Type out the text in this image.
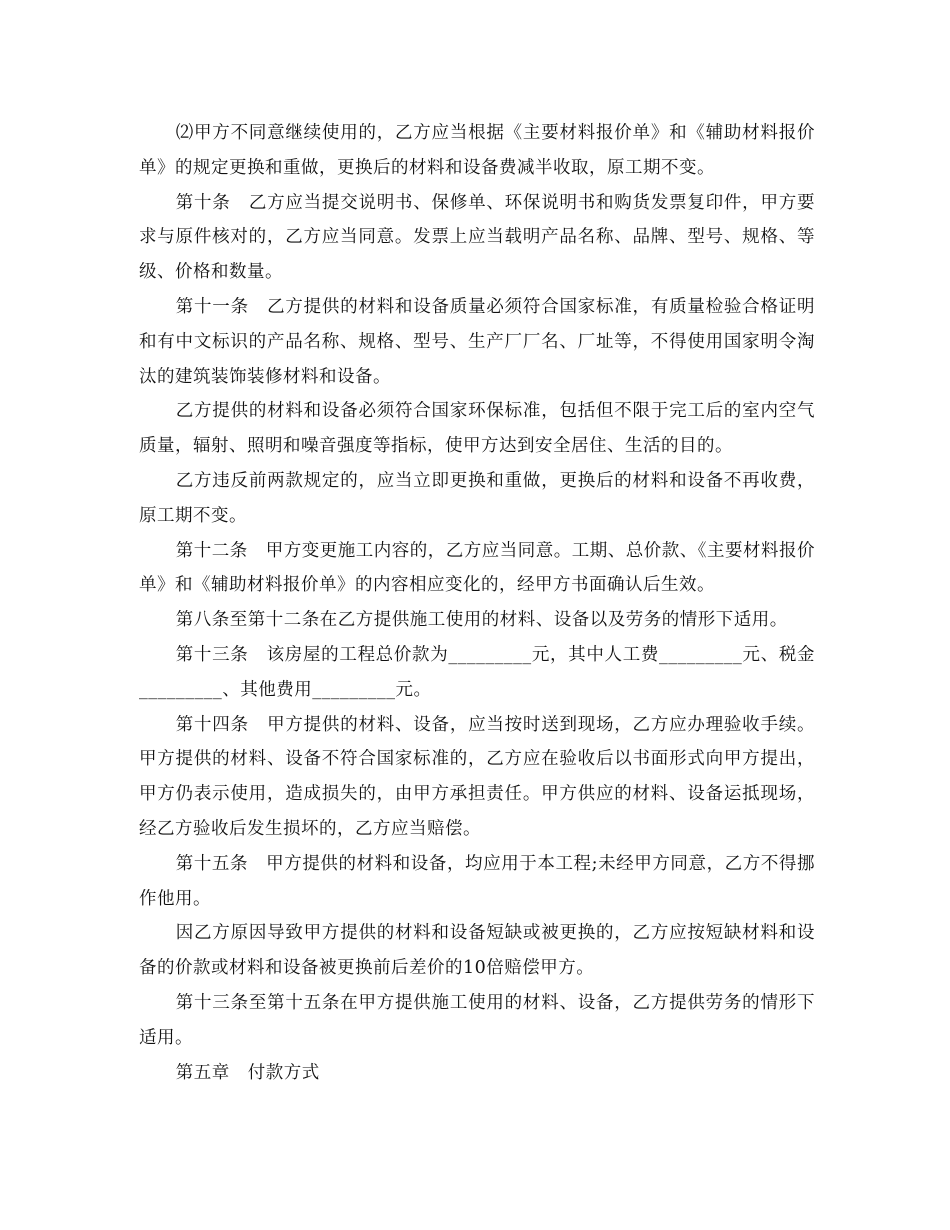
⑵甲方不同意继续使用的，乙方应当根据《主要材料报价单》和《辅助材料报价单》的规定更换和重做，更换后的材料和设备费减半收取，原工期不变。

第十条　乙方应当提交说明书、保修单、环保说明书和购货发票复印件，甲方要求与原件核对的，乙方应当同意。发票上应当载明产品名称、品牌、型号、规格、等级、价格和数量。

第十一条　乙方提供的材料和设备质量必须符合国家标准，有质量检验合格证明和有中文标识的产品名称、规格、型号、生产厂厂名、厂址等，不得使用国家明令淘汰的建筑装饰装修材料和设备。

乙方提供的材料和设备必须符合国家环保标准，包括但不限于完工后的室内空气质量，辐射、照明和噪音强度等指标，使甲方达到安全居住、生活的目的。

乙方违反前两款规定的，应当立即更换和重做，更换后的材料和设备不再收费，原工期不变。

第十二条　甲方变更施工内容的，乙方应当同意。工期、总价款、《主要材料报价单》和《辅助材料报价单》的内容相应变化的，经甲方书面确认后生效。

第八条至第十二条在乙方提供施工使用的材料、设备以及劳务的情形下适用。

第十三条　该房屋的工程总价款为_________元，其中人工费_________元、税金_________、其他费用_________元。

第十四条　甲方提供的材料、设备，应当按时送到现场，乙方应办理验收手续。甲方提供的材料、设备不符合国家标准的，乙方应在验收后以书面形式向甲方提出，甲方仍表示使用，造成损失的，由甲方承担责任。甲方供应的材料、设备运抵现场，经乙方验收后发生损坏的，乙方应当赔偿。

第十五条　甲方提供的材料和设备，均应用于本工程;未经甲方同意，乙方不得挪作他用。

因乙方原因导致甲方提供的材料和设备短缺或被更换的，乙方应按短缺材料和设备的价款或材料和设备被更换前后差价的10倍赔偿甲方。

第十三条至第十五条在甲方提供施工使用的材料、设备，乙方提供劳务的情形下适用。

第五章　付款方式
